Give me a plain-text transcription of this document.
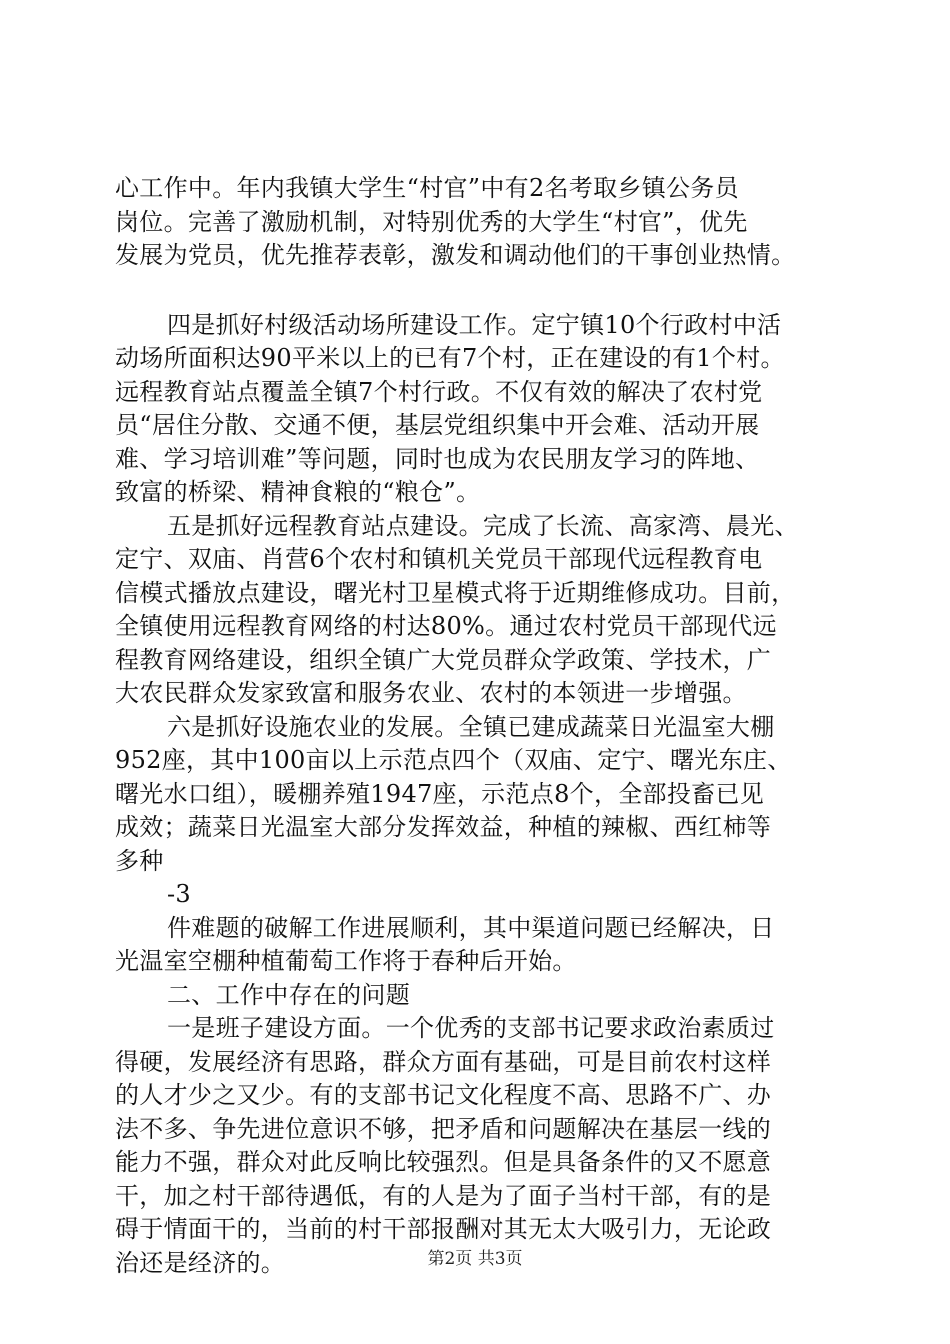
心工作中。年内我镇大学生“村官”中有2名考取乡镇公务员
岗位。完善了激励机制，对特别优秀的大学生“村官”，优先
发展为党员，优先推荐表彰，激发和调动他们的干事创业热情。
四是抓好村级活动场所建设工作。定宁镇10个行政村中活
动场所面积达90平米以上的已有7个村，正在建设的有1个村。
远程教育站点覆盖全镇7个村行政。不仅有效的解决了农村党
员“居住分散、交通不便，基层党组织集中开会难、活动开展
难、学习培训难”等问题，同时也成为农民朋友学习的阵地、
致富的桥梁、精神食粮的“粮仓”。
五是抓好远程教育站点建设。完成了长流、高家湾、晨光、
定宁、双庙、肖营6个农村和镇机关党员干部现代远程教育电
信模式播放点建设，曙光村卫星模式将于近期维修成功。目前，
全镇使用远程教育网络的村达80%。通过农村党员干部现代远
程教育网络建设，组织全镇广大党员群众学政策、学技术，广
大农民群众发家致富和服务农业、农村的本领进一步增强。
六是抓好设施农业的发展。全镇已建成蔬菜日光温室大棚
952座，其中100亩以上示范点四个（双庙、定宁、曙光东庄、
曙光水口组），暖棚养殖1947座，示范点8个，全部投畜已见
成效；蔬菜日光温室大部分发挥效益，种植的辣椒、西红柿等
多种
-3
件难题的破解工作进展顺利，其中渠道问题已经解决，日
光温室空棚种植葡萄工作将于春种后开始。
二、工作中存在的问题
一是班子建设方面。一个优秀的支部书记要求政治素质过
得硬，发展经济有思路，群众方面有基础，可是目前农村这样
的人才少之又少。有的支部书记文化程度不高、思路不广、办
法不多、争先进位意识不够，把矛盾和问题解决在基层一线的
能力不强，群众对此反响比较强烈。但是具备条件的又不愿意
干，加之村干部待遇低，有的人是为了面子当村干部，有的是
碍于情面干的，当前的村干部报酬对其无太大吸引力，无论政
治还是经济的。	第2页 共3页
